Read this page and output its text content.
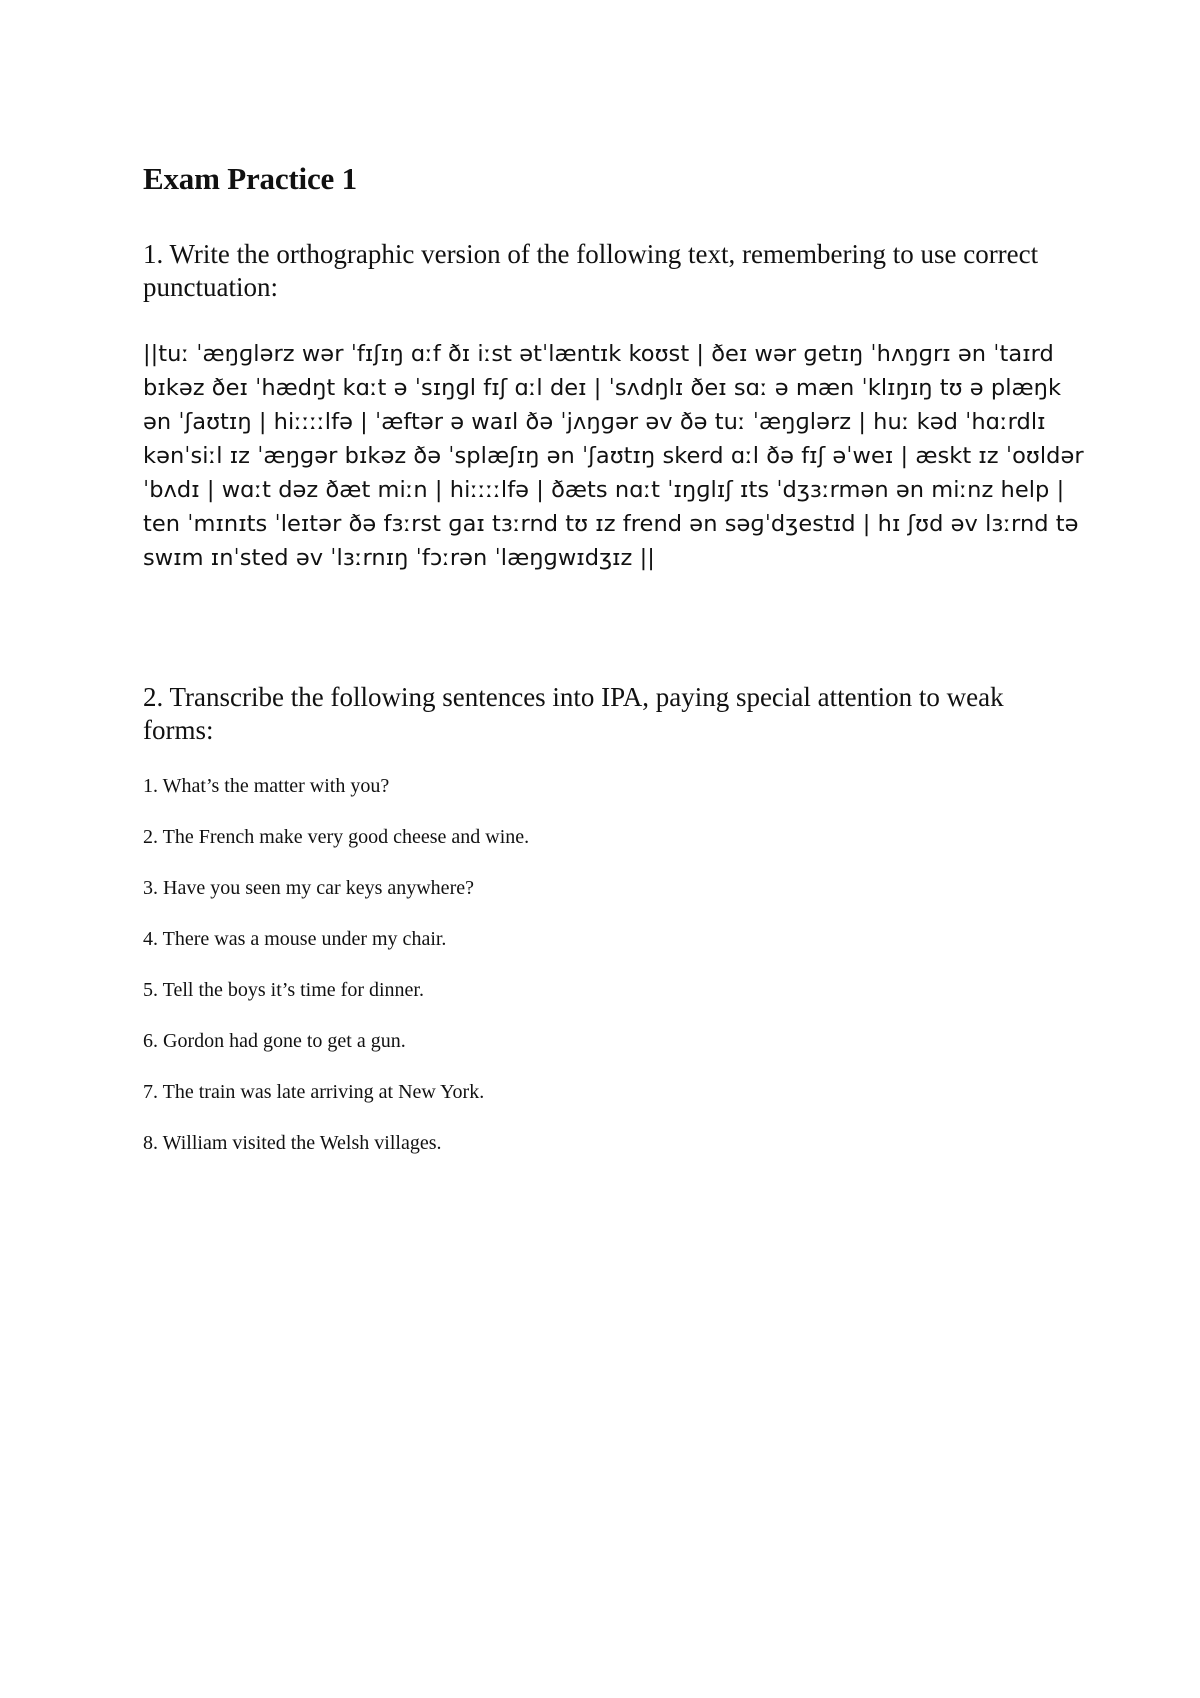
Exam Practice 1

1. Write the orthographic version of the following text, remembering to use correct punctuation:

||tuː ˈæŋɡlərz wər ˈfɪʃɪŋ ɑːf ðɪ iːst ətˈlæntɪk koʊst | ðeɪ wər ɡetɪŋ ˈhʌŋɡrɪ ən ˈtaɪrd
bɪkəz ðeɪ ˈhædŋt kɑːt ə ˈsɪŋɡl fɪʃ ɑːl deɪ | ˈsʌdŋlɪ ðeɪ sɑː ə mæn ˈklɪŋɪŋ tʊ ə plæŋk
ən ˈʃaʊtɪŋ | hiːːːːlfə | ˈæftər ə waɪl ðə ˈjʌŋɡər əv ðə tuː ˈæŋɡlərz | huː kəd ˈhɑːrdlɪ
kənˈsiːl ɪz ˈæŋɡər bɪkəz ðə ˈsplæʃɪŋ ən ˈʃaʊtɪŋ skerd ɑːl ðə fɪʃ əˈweɪ | æskt ɪz ˈoʊldər
ˈbʌdɪ | wɑːt dəz ðæt miːn | hiːːːːlfə | ðæts nɑːt ˈɪŋɡlɪʃ ɪts ˈdʒɜːrmən ən miːnz help |
ten ˈmɪnɪts ˈleɪtər ðə fɜːrst ɡaɪ tɜːrnd tʊ ɪz frend ən səɡˈdʒestɪd | hɪ ʃʊd əv lɜːrnd tə
swɪm ɪnˈsted əv ˈlɜːrnɪŋ ˈfɔːrən ˈlæŋɡwɪdʒɪz ||

2. Transcribe the following sentences into IPA, paying special attention to weak forms:

1. What’s the matter with you?
2. The French make very good cheese and wine.
3. Have you seen my car keys anywhere?
4. There was a mouse under my chair.
5. Tell the boys it’s time for dinner.
6. Gordon had gone to get a gun.
7. The train was late arriving at New York.
8. William visited the Welsh villages.
